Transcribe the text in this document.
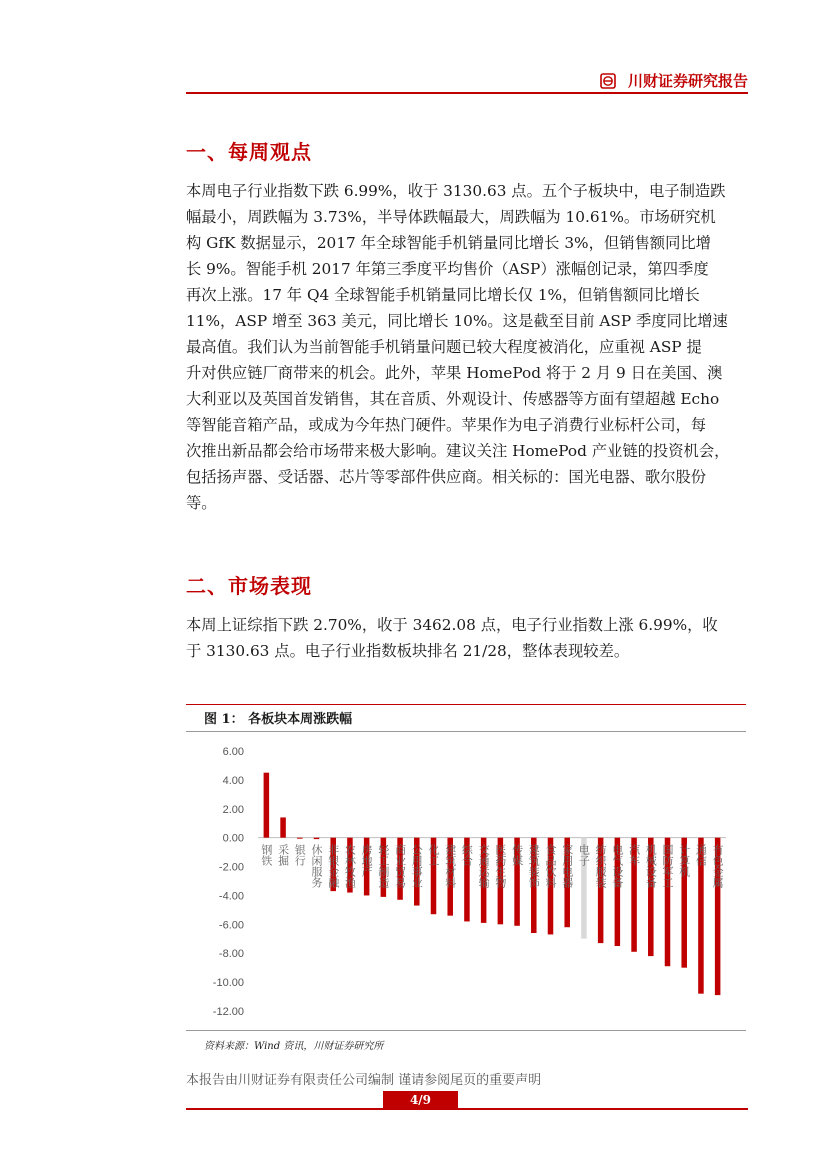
川财证券研究报告
一、每周观点
本周电子行业指数下跌 6.99%，收于 3130.63 点。五个子板块中，电子制造跌
幅最小，周跌幅为 3.73%，半导体跌幅最大，周跌幅为 10.61%。市场研究机
构 GfK 数据显示，2017 年全球智能手机销量同比增长 3%，但销售额同比增
长 9%。智能手机 2017 年第三季度平均售价（ASP）涨幅创记录，第四季度
再次上涨。17 年 Q4 全球智能手机销量同比增长仅 1%，但销售额同比增长
11%，ASP 增至 363 美元，同比增长 10%。这是截至目前 ASP 季度同比增速
最高值。我们认为当前智能手机销量问题已较大程度被消化，应重视 ASP 提
升对供应链厂商带来的机会。此外，苹果 HomePod 将于 2 月 9 日在美国、澳
大利亚以及英国首发销售，其在音质、外观设计、传感器等方面有望超越 Echo
等智能音箱产品，或成为今年热门硬件。苹果作为电子消费行业标杆公司，每
次推出新品都会给市场带来极大影响。建议关注 HomePod 产业链的投资机会，
包括扬声器、受话器、芯片等零部件供应商。相关标的：国光电器、歌尔股份
等。
二、市场表现
本周上证综指下跌 2.70%，收于 3462.08 点，电子行业指数上涨 6.99%，收
于 3130.63 点。电子行业指数板块排名 21/28，整体表现较差。
图 1： 各板块本周涨跌幅
6.00
4.00
2.00
0.00
-2.00
-4.00
-6.00
-8.00
-10.00
-12.00
钢铁 采掘 银行 休闲服务 非银金融 农林牧渔 房地产 轻工制造 商业贸易 公用事业 化工 建筑材料 综合 交通运输 医药生物 传媒 建筑装饰 食品饮料 家用电器 电子 纺织服装 电气设备 汽车 机械设备 国防军工 计算机 通信 有色金属
资料来源：Wind 资讯，川财证券研究所
本报告由川财证券有限责任公司编制 谨请参阅尾页的重要声明
4/9
